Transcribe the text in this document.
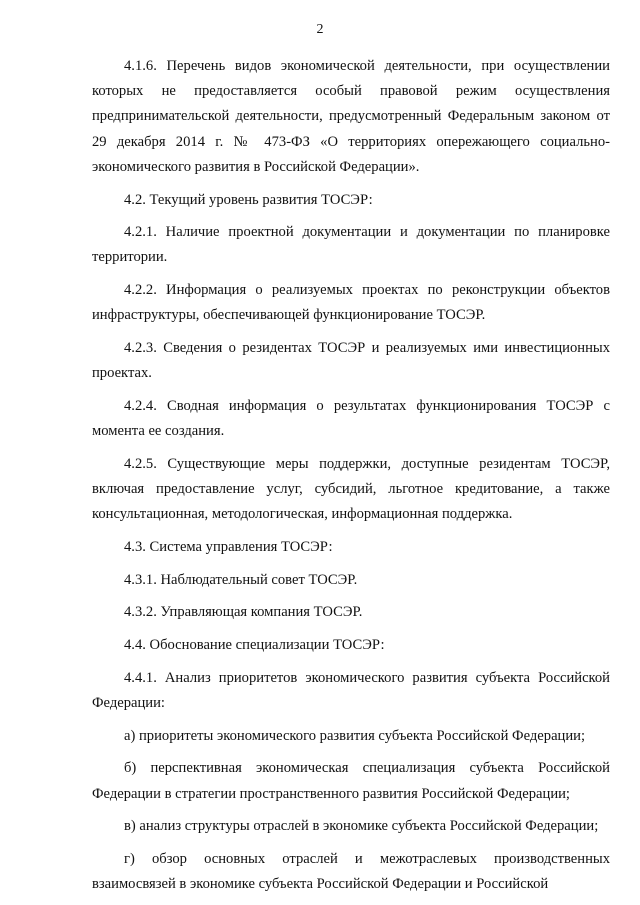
2

4.1.6. Перечень видов экономической деятельности, при осуществлении которых не предоставляется особый правовой режим осуществления предпринимательской деятельности, предусмотренный Федеральным законом от 29 декабря 2014 г. № 473-ФЗ «О территориях опережающего социально-экономического развития в Российской Федерации».

4.2. Текущий уровень развития ТОСЭР:

4.2.1. Наличие проектной документации и документации по планировке территории.

4.2.2. Информация о реализуемых проектах по реконструкции объектов инфраструктуры, обеспечивающей функционирование ТОСЭР.

4.2.3. Сведения о резидентах ТОСЭР и реализуемых ими инвестиционных проектах.

4.2.4. Сводная информация о результатах функционирования ТОСЭР с момента ее создания.

4.2.5. Существующие меры поддержки, доступные резидентам ТОСЭР, включая предоставление услуг, субсидий, льготное кредитование, а также консультационная, методологическая, информационная поддержка.

4.3. Система управления ТОСЭР:

4.3.1. Наблюдательный совет ТОСЭР.

4.3.2. Управляющая компания ТОСЭР.

4.4. Обоснование специализации ТОСЭР:

4.4.1. Анализ приоритетов экономического развития субъекта Российской Федерации:

а) приоритеты экономического развития субъекта Российской Федерации;

б) перспективная экономическая специализация субъекта Российской Федерации в стратегии пространственного развития Российской Федерации;

в) анализ структуры отраслей в экономике субъекта Российской Федерации;

г) обзор основных отраслей и межотраслевых производственных взаимосвязей в экономике субъекта Российской Федерации и Российской
